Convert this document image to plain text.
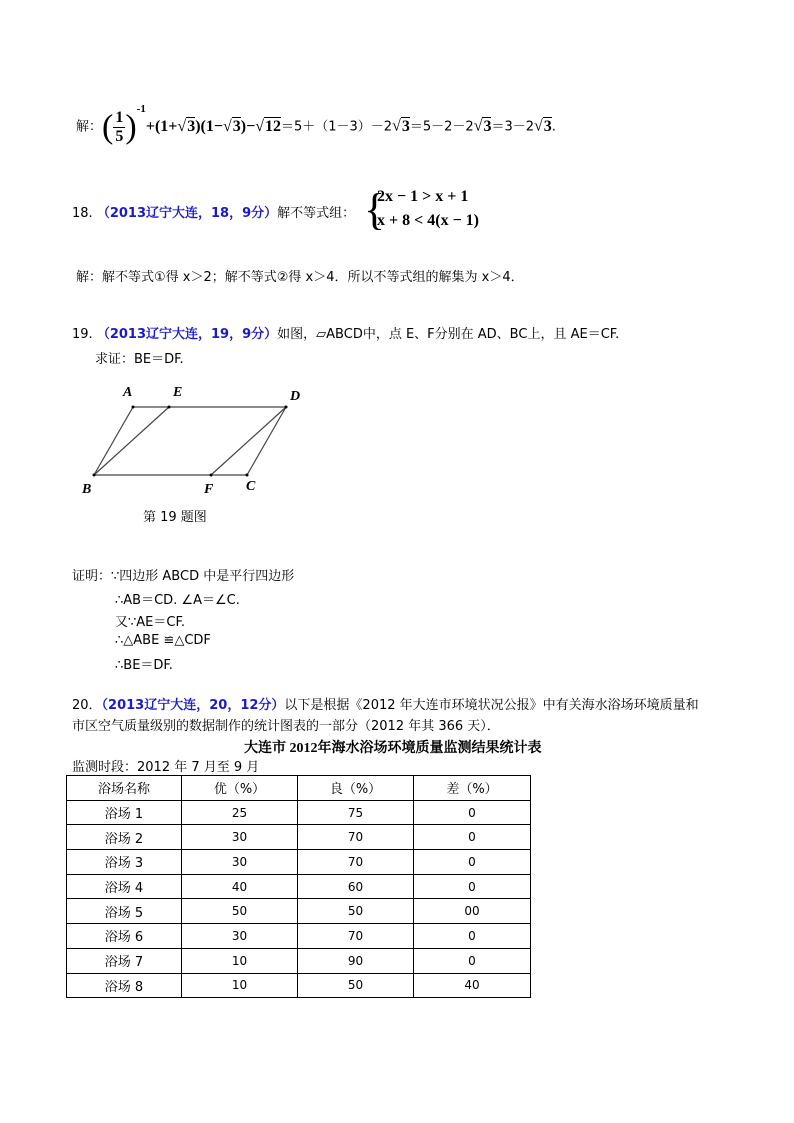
解：( $\frac{1}{5} )^{-1}+(1+√3)(1-√3)-√12=5+(1-3)-2√3=5-2-2√3=3-2√3$.
18. （2013辽宁大连，18，9分）解不等式组： {
2x − 1 > x + 1
x + 8 < 4(x − 1)
解：解不等式①得 x＞2；解不等式②得 x＞4．所以不等式组的解集为 x＞4．
19. （2013辽宁大连，19，9分）如图，▱ABCD中，点 E、F分别在 AD、BC上，且 AE＝CF.
求证：BE＝DF.
A	E	D
B	F C
第 19 题图
证明：∵四边形 ABCD 中是平行四边形
∴AB＝CD. ∠A＝∠C.
又∵AE＝CF.
∴△ABE ≌△CDF
∴BE＝DF.
20．（2013辽宁大连，20，12分）以下是根据《2012 年大连市环境状况公报》中有关海水浴场环境质量和
市区空气质量级别的数据制作的统计图表的一部分（2012 年其 366 天）．
大连市 2012年海水浴场环境质量监测结果统计表
监测时段：2012 年 7 月至 9 月
浴场名称	优（%）	良（%）	差（%）
浴场 1	25	75	0
浴场 2	30	70	0
浴场 3	30	70	0
浴场 4	40	60	0
浴场 5	50	50	00
浴场 6	30	70	0
浴场 7	10	90	0
浴场 8	10	50	40
